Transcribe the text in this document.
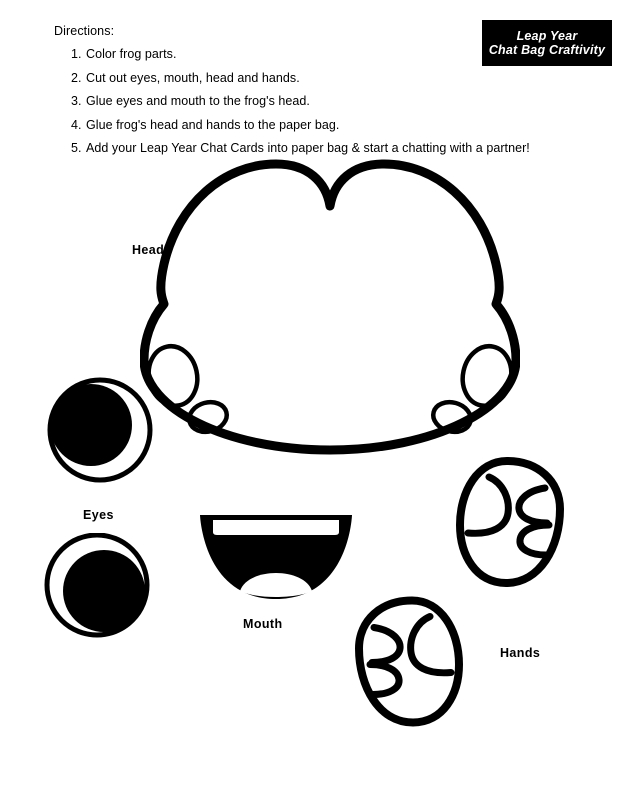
Leap Year
Chat Bag Craftivity
Directions:
1. Color frog parts.
2. Cut out eyes, mouth, head and hands.
3. Glue eyes and mouth to the frog's head.
4. Glue frog's head and hands to the paper bag.
5. Add your Leap Year Chat Cards into paper bag & start a chatting with a partner!
Head
Eyes
Mouth
Hands
